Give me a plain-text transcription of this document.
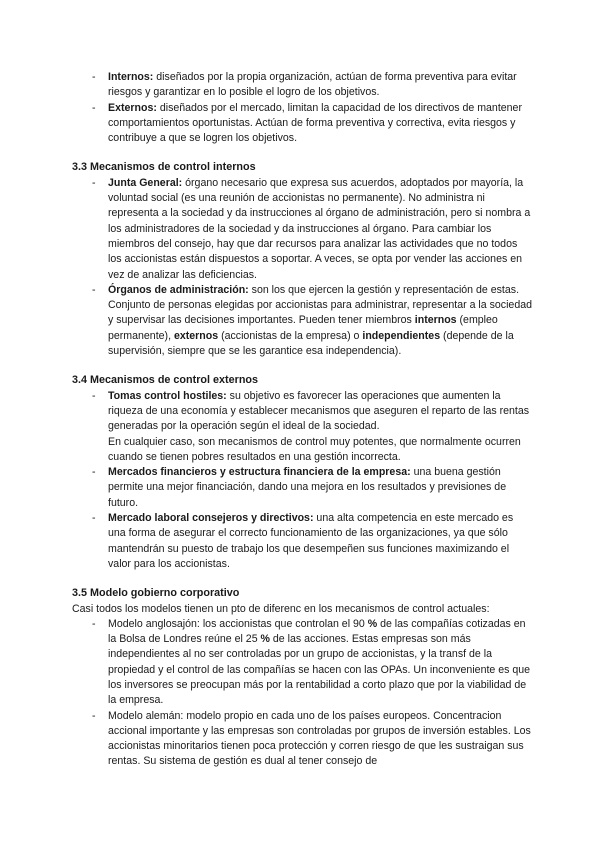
- Internos: diseñados por la propia organización, actúan de forma preventiva para evitar riesgos y garantizar en lo posible el logro de los objetivos.
- Externos: diseñados por el mercado, limitan la capacidad de los directivos de mantener comportamientos oportunistas. Actúan de forma preventiva y correctiva, evita riesgos y contribuye a que se logren los objetivos.
3.3 Mecanismos de control internos
- Junta General: órgano necesario que expresa sus acuerdos, adoptados por mayoría, la voluntad social (es una reunión de accionistas no permanente). No administra ni representa a la sociedad y da instrucciones al órgano de administración, pero si nombra a los administradores de la sociedad y da instrucciones al órgano. Para cambiar los miembros del consejo, hay que dar recursos para analizar las actividades que no todos los accionistas están dispuestos a soportar. A veces, se opta por vender las acciones en vez de analizar las deficiencias.
- Órganos de administración: son los que ejercen la gestión y representación de estas. Conjunto de personas elegidas por accionistas para administrar, representar a la sociedad y supervisar las decisiones importantes. Pueden tener miembros internos (empleo permanente), externos (accionistas de la empresa) o independientes (depende de la supervisión, siempre que se les garantice esa independencia).
3.4 Mecanismos de control externos
- Tomas control hostiles: su objetivo es favorecer las operaciones que aumenten la riqueza de una economía y establecer mecanismos que aseguren el reparto de las rentas generadas por la operación según el ideal de la sociedad.
En cualquier caso, son mecanismos de control muy potentes, que normalmente ocurren cuando se tienen pobres resultados en una gestión incorrecta.
- Mercados financieros y estructura financiera de la empresa: una buena gestión permite una mejor financiación, dando una mejora en los resultados y previsiones de futuro.
- Mercado laboral consejeros y directivos: una alta competencia en este mercado es una forma de asegurar el correcto funcionamiento de las organizaciones, ya que sólo mantendrán su puesto de trabajo los que desempeñen sus funciones maximizando el valor para los accionistas.
3.5 Modelo gobierno corporativo

Casi todos los modelos tienen un pto de diferenc en los mecanismos de control actuales:

- Modelo anglosajón: los accionistas que controlan el 90 % de las compañías cotizadas en la Bolsa de Londres reúne el 25 % de las acciones. Estas empresas son más independientes al no ser controladas por un grupo de accionistas, y la transf de la propiedad y el control de las compañías se hacen con las OPAs. Un inconveniente es que los inversores se preocupan más por la rentabilidad a corto plazo que por la viabilidad de la empresa.
- Modelo alemán: modelo propio en cada uno de los países europeos. Concentracion accional importante y las empresas son controladas por grupos de inversión estables. Los accionistas minoritarios tienen poca protección y corren riesgo de que les sustraigan sus rentas. Su sistema de gestión es dual al tener consejo de
